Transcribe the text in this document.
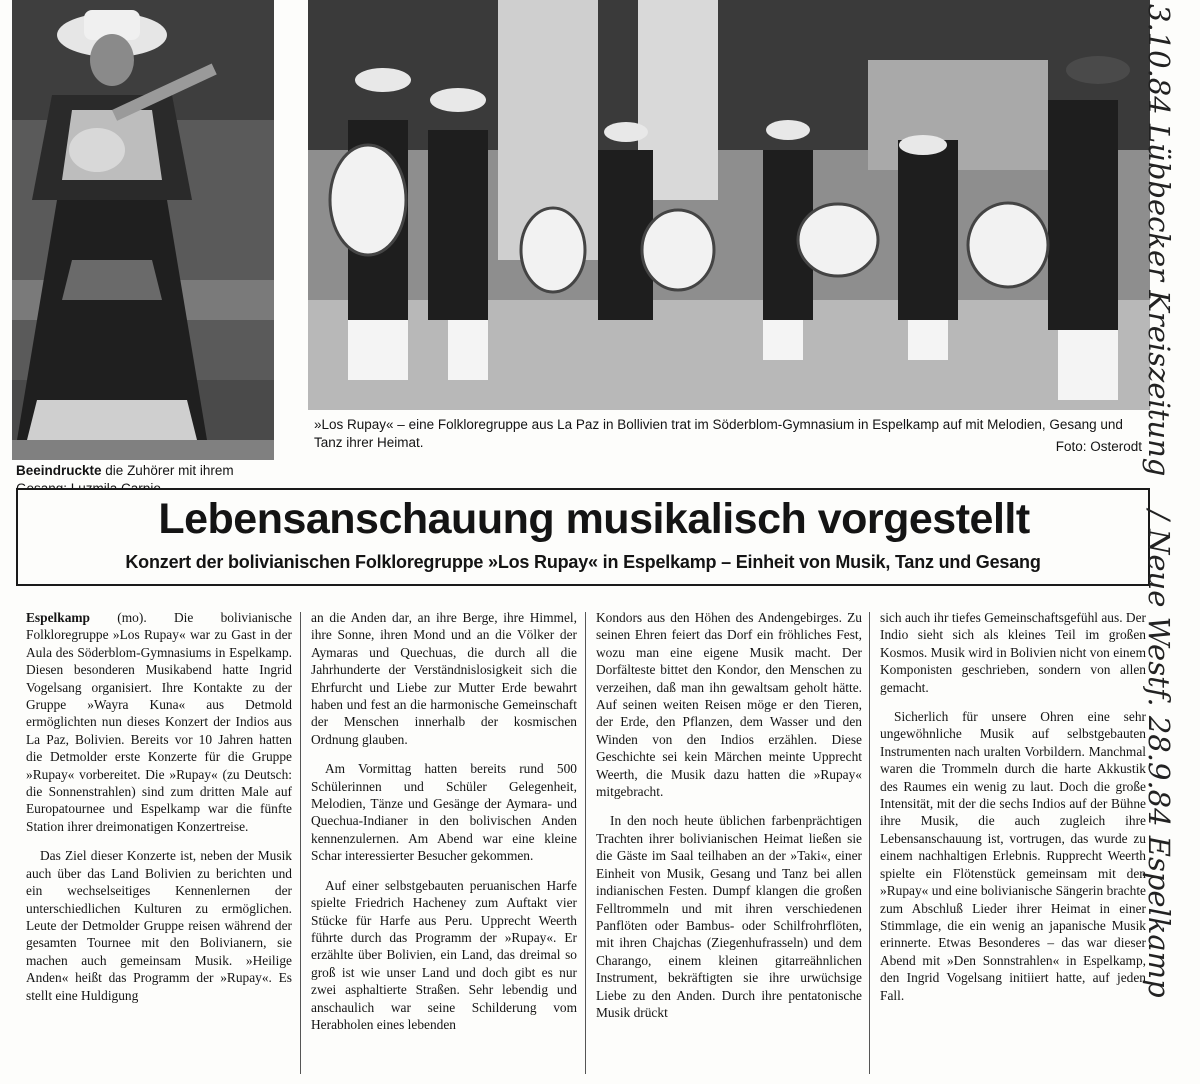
Beeindruckte die Zuhörer mit ihrem
»Los Rupay« – eine Folkloregruppe aus La Paz in Bollivien trat im Söderblom-Gymnasium in Espelkamp auf mit Melodien, Gesang und Tanz ihrer Heimat.	Foto: Osterodt
Lebensanschauung musikalisch vorgestellt
Konzert der bolivianischen Folkloregruppe »Los Rupay« in Espelkamp – Einheit von Musik, Tanz und Gesang

Espelkamp (mo). Die bolivianische Folkloregruppe »Los Rupay« war zu Gast in der Aula des Söderblom-Gymnasiums in Espelkamp. Diesen besonderen Musikabend hatte Ingrid Vogelsang organisiert. Ihre Kontakte zu der Gruppe »Wayra Kuna« aus Detmold ermöglichten nun dieses Konzert der Indios aus La Paz, Bolivien. Bereits vor 10 Jahren hatten die Detmolder erste Konzerte für die Gruppe »Rupay« vorbereitet. Die »Rupay« (zu Deutsch: die Sonnenstrahlen) sind zum dritten Male auf Europatournee und Espelkamp war die fünfte Station ihrer dreimonatigen Konzertreise.

Das Ziel dieser Konzerte ist, neben der Musik auch über das Land Bolivien zu berichten und ein wechselseitiges Kennenlernen der unterschiedlichen Kulturen zu ermöglichen. Leute der Detmolder Gruppe reisen während der gesamten Tournee mit den Bolivianern, sie machen auch gemeinsam Musik. »Heilige Anden« heißt das Programm der »Rupay«. Es stellt eine Huldigung

an die Anden dar, an ihre Berge, ihre Himmel, ihre Sonne, ihren Mond und an die Völker der Aymaras und Quechuas, die durch all die Jahrhunderte der Verständnislosigkeit sich die Ehrfurcht und Liebe zur Mutter Erde bewahrt haben und fest an die harmonische Gemeinschaft der Menschen innerhalb der kosmischen Ordnung glauben.

Am Vormittag hatten bereits rund 500 Schülerinnen und Schüler Gelegenheit, Melodien, Tänze und Gesänge der Aymara- und Quechua-Indianer in den bolivischen Anden kennenzulernen. Am Abend war eine kleine Schar interessierter Besucher gekommen.

Auf einer selbstgebauten peruanischen Harfe spielte Friedrich Hacheney zum Auftakt vier Stücke für Harfe aus Peru. Upprecht Weerth führte durch das Programm der »Rupay«. Er erzählte über Bolivien, ein Land, das dreimal so groß ist wie unser Land und doch gibt es nur zwei asphaltierte Straßen. Sehr lebendig und anschaulich war seine Schilderung vom Herabholen eines lebenden

Kondors aus den Höhen des Andengebirges. Zu seinen Ehren feiert das Dorf ein fröhliches Fest, wozu man eine eigene Musik macht. Der Dorfälteste bittet den Kondor, den Menschen zu verzeihen, daß man ihn gewaltsam geholt hätte. Auf seinen weiten Reisen möge er den Tieren, der Erde, den Pflanzen, dem Wasser und den Winden von den Indios erzählen. Diese Geschichte sei kein Märchen meinte Upprecht Weerth, die Musik dazu hatten die »Rupay« mitgebracht.

In den noch heute üblichen farbenprächtigen Trachten ihrer bolivianischen Heimat ließen sie die Gäste im Saal teilhaben an der »Taki«, einer Einheit von Musik, Gesang und Tanz bei allen indianischen Festen. Dumpf klangen die großen Felltrommeln und mit ihren verschiedenen Panflöten oder Bambus- oder Schilfrohrflöten, mit ihren Chajchas (Ziegenhufrasseln) und dem Charango, einem kleinen gitarreähnlichen Instrument, bekräftigten sie ihre urwüchsige Liebe zu den Anden. Durch ihre pentatonische Musik drückt

sich auch ihr tiefes Gemeinschaftsgefühl aus. Der Indio sieht sich als kleines Teil im großen Kosmos. Musik wird in Bolivien nicht von einem Komponisten geschrieben, sondern von allen gemacht.

Sicherlich für unsere Ohren eine sehr ungewöhnliche Musik auf selbstgebauten Instrumenten nach uralten Vorbildern. Manchmal waren die Trommeln durch die harte Akkustik des Raumes ein wenig zu laut. Doch die große Intensität, mit der die sechs Indios auf der Bühne ihre Musik, die auch zugleich ihre Lebensanschauung ist, vortrugen, das wurde zu einem nachhaltigen Erlebnis. Rupprecht Weerth spielte ein Flötenstück gemeinsam mit den »Rupay« und eine bolivianische Sängerin brachte zum Abschluß Lieder ihrer Heimat in einer Stimmlage, die ein wenig an japanische Musik erinnerte. Etwas Besonderes – das war dieser Abend mit »Den Sonnstrahlen« in Espelkamp, den Ingrid Vogelsang initiiert hatte, auf jeden Fall.

3.10.84 Lübbecker Kreiszeitung
/ Neue Westf. 28.9.84 Espelkamp
